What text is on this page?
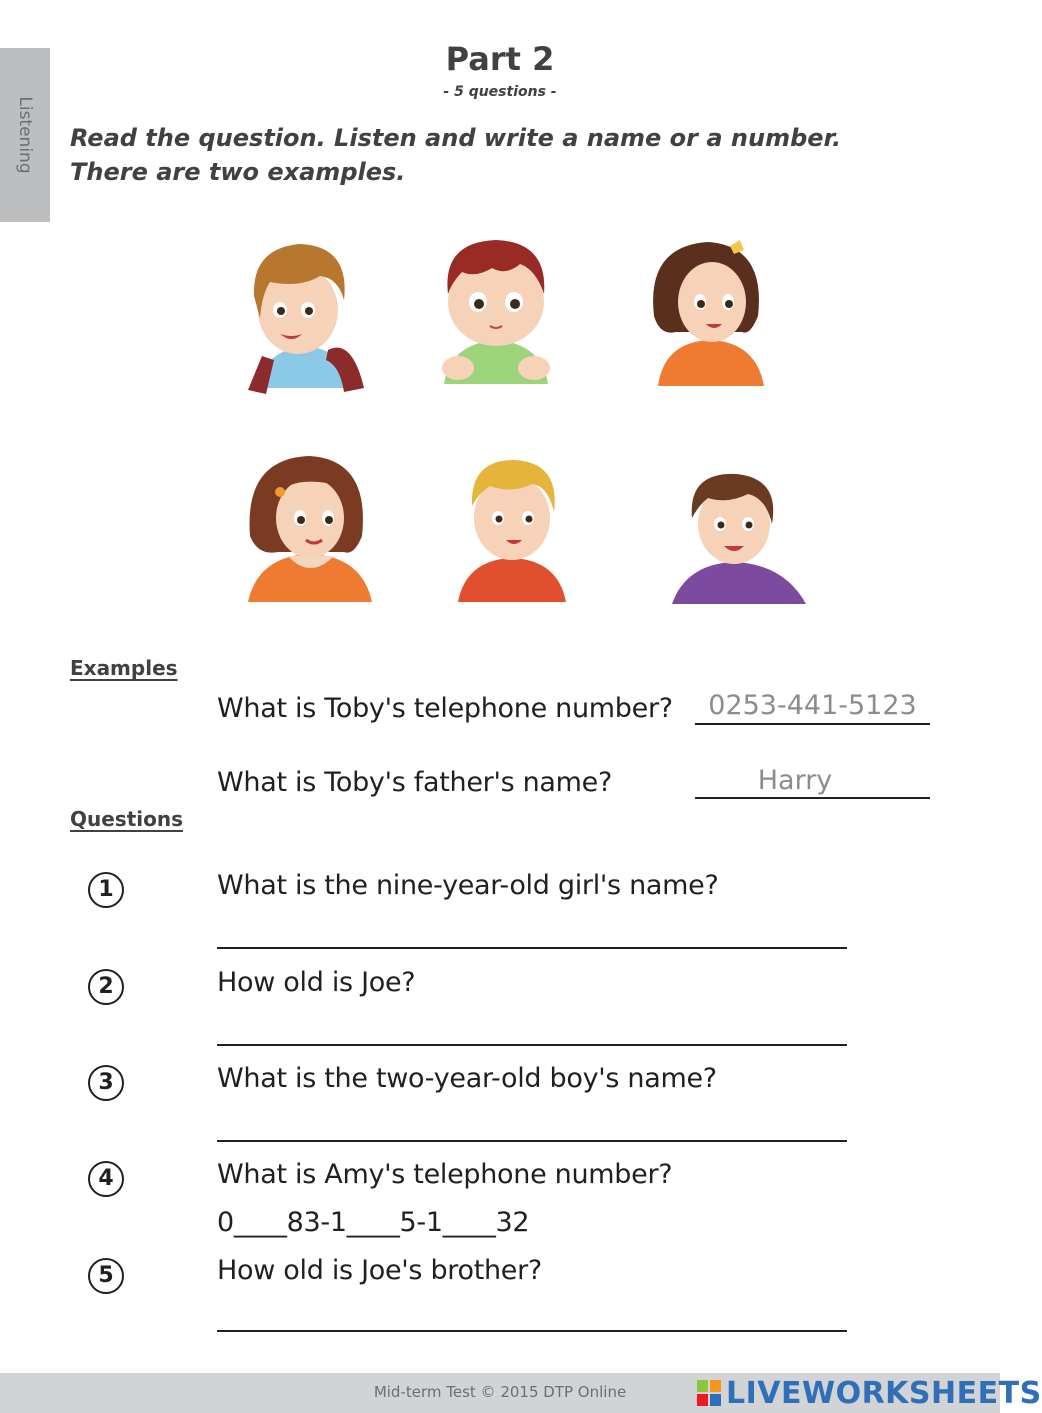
Listening
Part 2
- 5 questions -
Read the question. Listen and write a name or a number.
There are two examples.
Examples
What is Toby's telephone number?	0253-441-5123
What is Toby's father's name?	Harry
Questions
1	What is the nine-year-old girl's name?
2	How old is Joe?
3	What is the two-year-old boy's name?
4	What is Amy's telephone number?
0____83-1____5-1____32
5	How old is Joe's brother?
Mid-term Test © 2015 DTP Online	LIVEWORKSHEETS
